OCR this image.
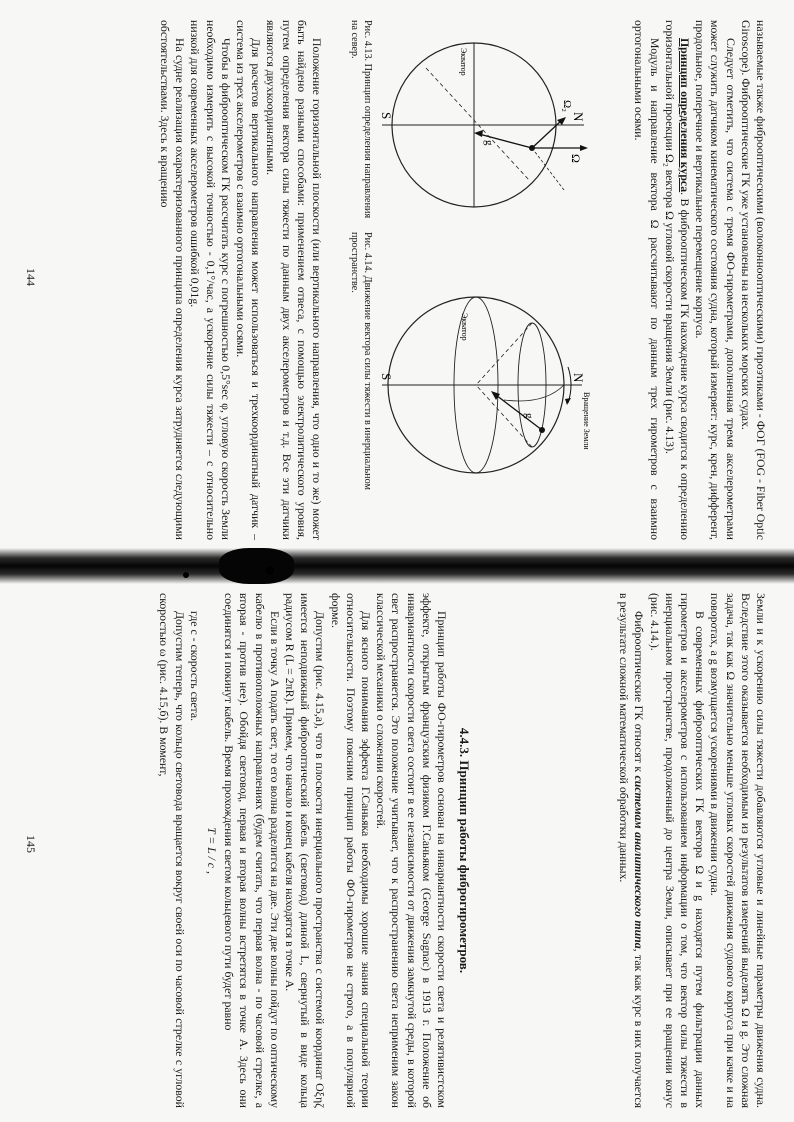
называемые также фиброоптическими (волоконнооптическими) гироэтиками - ФОГ (FOG - Fiber Optic Giroscope). Фиброоптические ГК уже установлены на нескольких морских судах.

Следует отметить, что система с тремя ФО-гирометрами, дополненная тремя акселерометрами может служить датчиком кинематического состояния судна, который измеряет: курс, крен, дифферент, продольное, поперечное и вертикальное перемещение корпуса.

Принцип определения курса. В фиброоптическом ГК нахождение курса сводится к определению горизонтальной проекции Ω₂ вектора Ω угловой скорости вращения Земли (рис. 4.13).

Модуль и направление вектора Ω рассчитывают по данным трех гирометров с взаимно ортогональными осями.

N
S
Ω
Ω₂
g
Экватор
N
S
Вращение Земли
g
Экватор
Рис. 4.13. Принцип определения направления на север.
Рис. 4.14. Движение вектора силы тяжести в инерциальном пространстве.

Положение горизонтальной плоскости (или вертикального направления, что одно и то же) может быть найдено разными способами: применением отвеса, с помощью электролитического уровня, путем определения вектора силы тяжести по данным двух акселерометров и т.д. Все эти датчики являются двухкоординатными.

Для расчетов вертикального направления может использоваться и трехкоординатный датчик – система из трех акселерометров с взаимно ортогональными осями.

Чтобы в фиброоптическом ГК рассчитать курс с погрешностью 0,5°sec φ, угловую скорость Земли необходимо измерить с высокой точностью - 0,1°/час, а ускорение силы тяжести – с относительно низкой для современных акселерометров ошибкой 0,01g.

На судне реализация охарактеризованного принципа определения курса затрудняется следующими обстоятельствами. Здесь к вращению

144

Земли и к ускорению силы тяжести добавляются угловые и линейные параметры движения судна. Вследствие этого оказывается необходимым из результатов измерений выделять Ω и g. Это сложная задача, так как Ω значительно меньше угловых скоростей движения судового корпуса при качке и на поворотах, а g возмущается ускорениями в движении судна.

В современных фиброоптических ГК вектора Ω и g находятся путем фильтрации данных гирометров и акселерометров с использованием информации о том, что вектор силы тяжести в инерциальном пространстве, продолженный до центра Земли, описывает при ее вращении конус (рис. 4.14.).

Фиброоптические ГК относят к системам аналитического типа, так как курс в них получается в результате сложной математической обработки данных.

4.4.3. Принцип работы фиброгирометров.

Принцип работы ФО-гирометров основан на инвариантности скорости света и релятивистском эффекте, открытым французским физиком Г.Саньяком (George Sagnac) в 1913 г. Положение об инвариантности скорости света состоит в ее независимости от движения замкнутой среды, в которой свет распространяется. Это положение учитывает, что к распространению света неприменим закон классической механики о сложении скоростей.

Для ясного понимания эффекта Г.Саньяка необходимы хорошие знания специальной теории относительности. Поэтому поясним принцип работы ФО-гирометров не строго, а в популярной форме.

Допустим (рис. 4.15,а), что в плоскости инерциального пространства с системой координат Oξηζ имеется неподвижный фиброоптический кабель (световод) длиной L, свернутый в виде кольца радиусом R (L = 2πR). Примем, что начало и конец кабеля находятся в точке А.

Если в точку А подать свет, то его волна разделится на две. Эти две волны пойдут по оптическому кабелю в противоположных направлениях (будем считать, что первая волна - по часовой стрелке, а вторая - против нее). Обойдя световод, первая и вторая волны встретятся в точке А. Здесь они соединятся и покинут кабель. Время прохождения светом кольцевого пути будет равно

T = L / c ,

где c - скорость света.

Допустим теперь, что кольцо световода вращается вокруг своей оси по часовой стрелке с угловой скоростью ω (рис. 4.15,б). В момент,

145
